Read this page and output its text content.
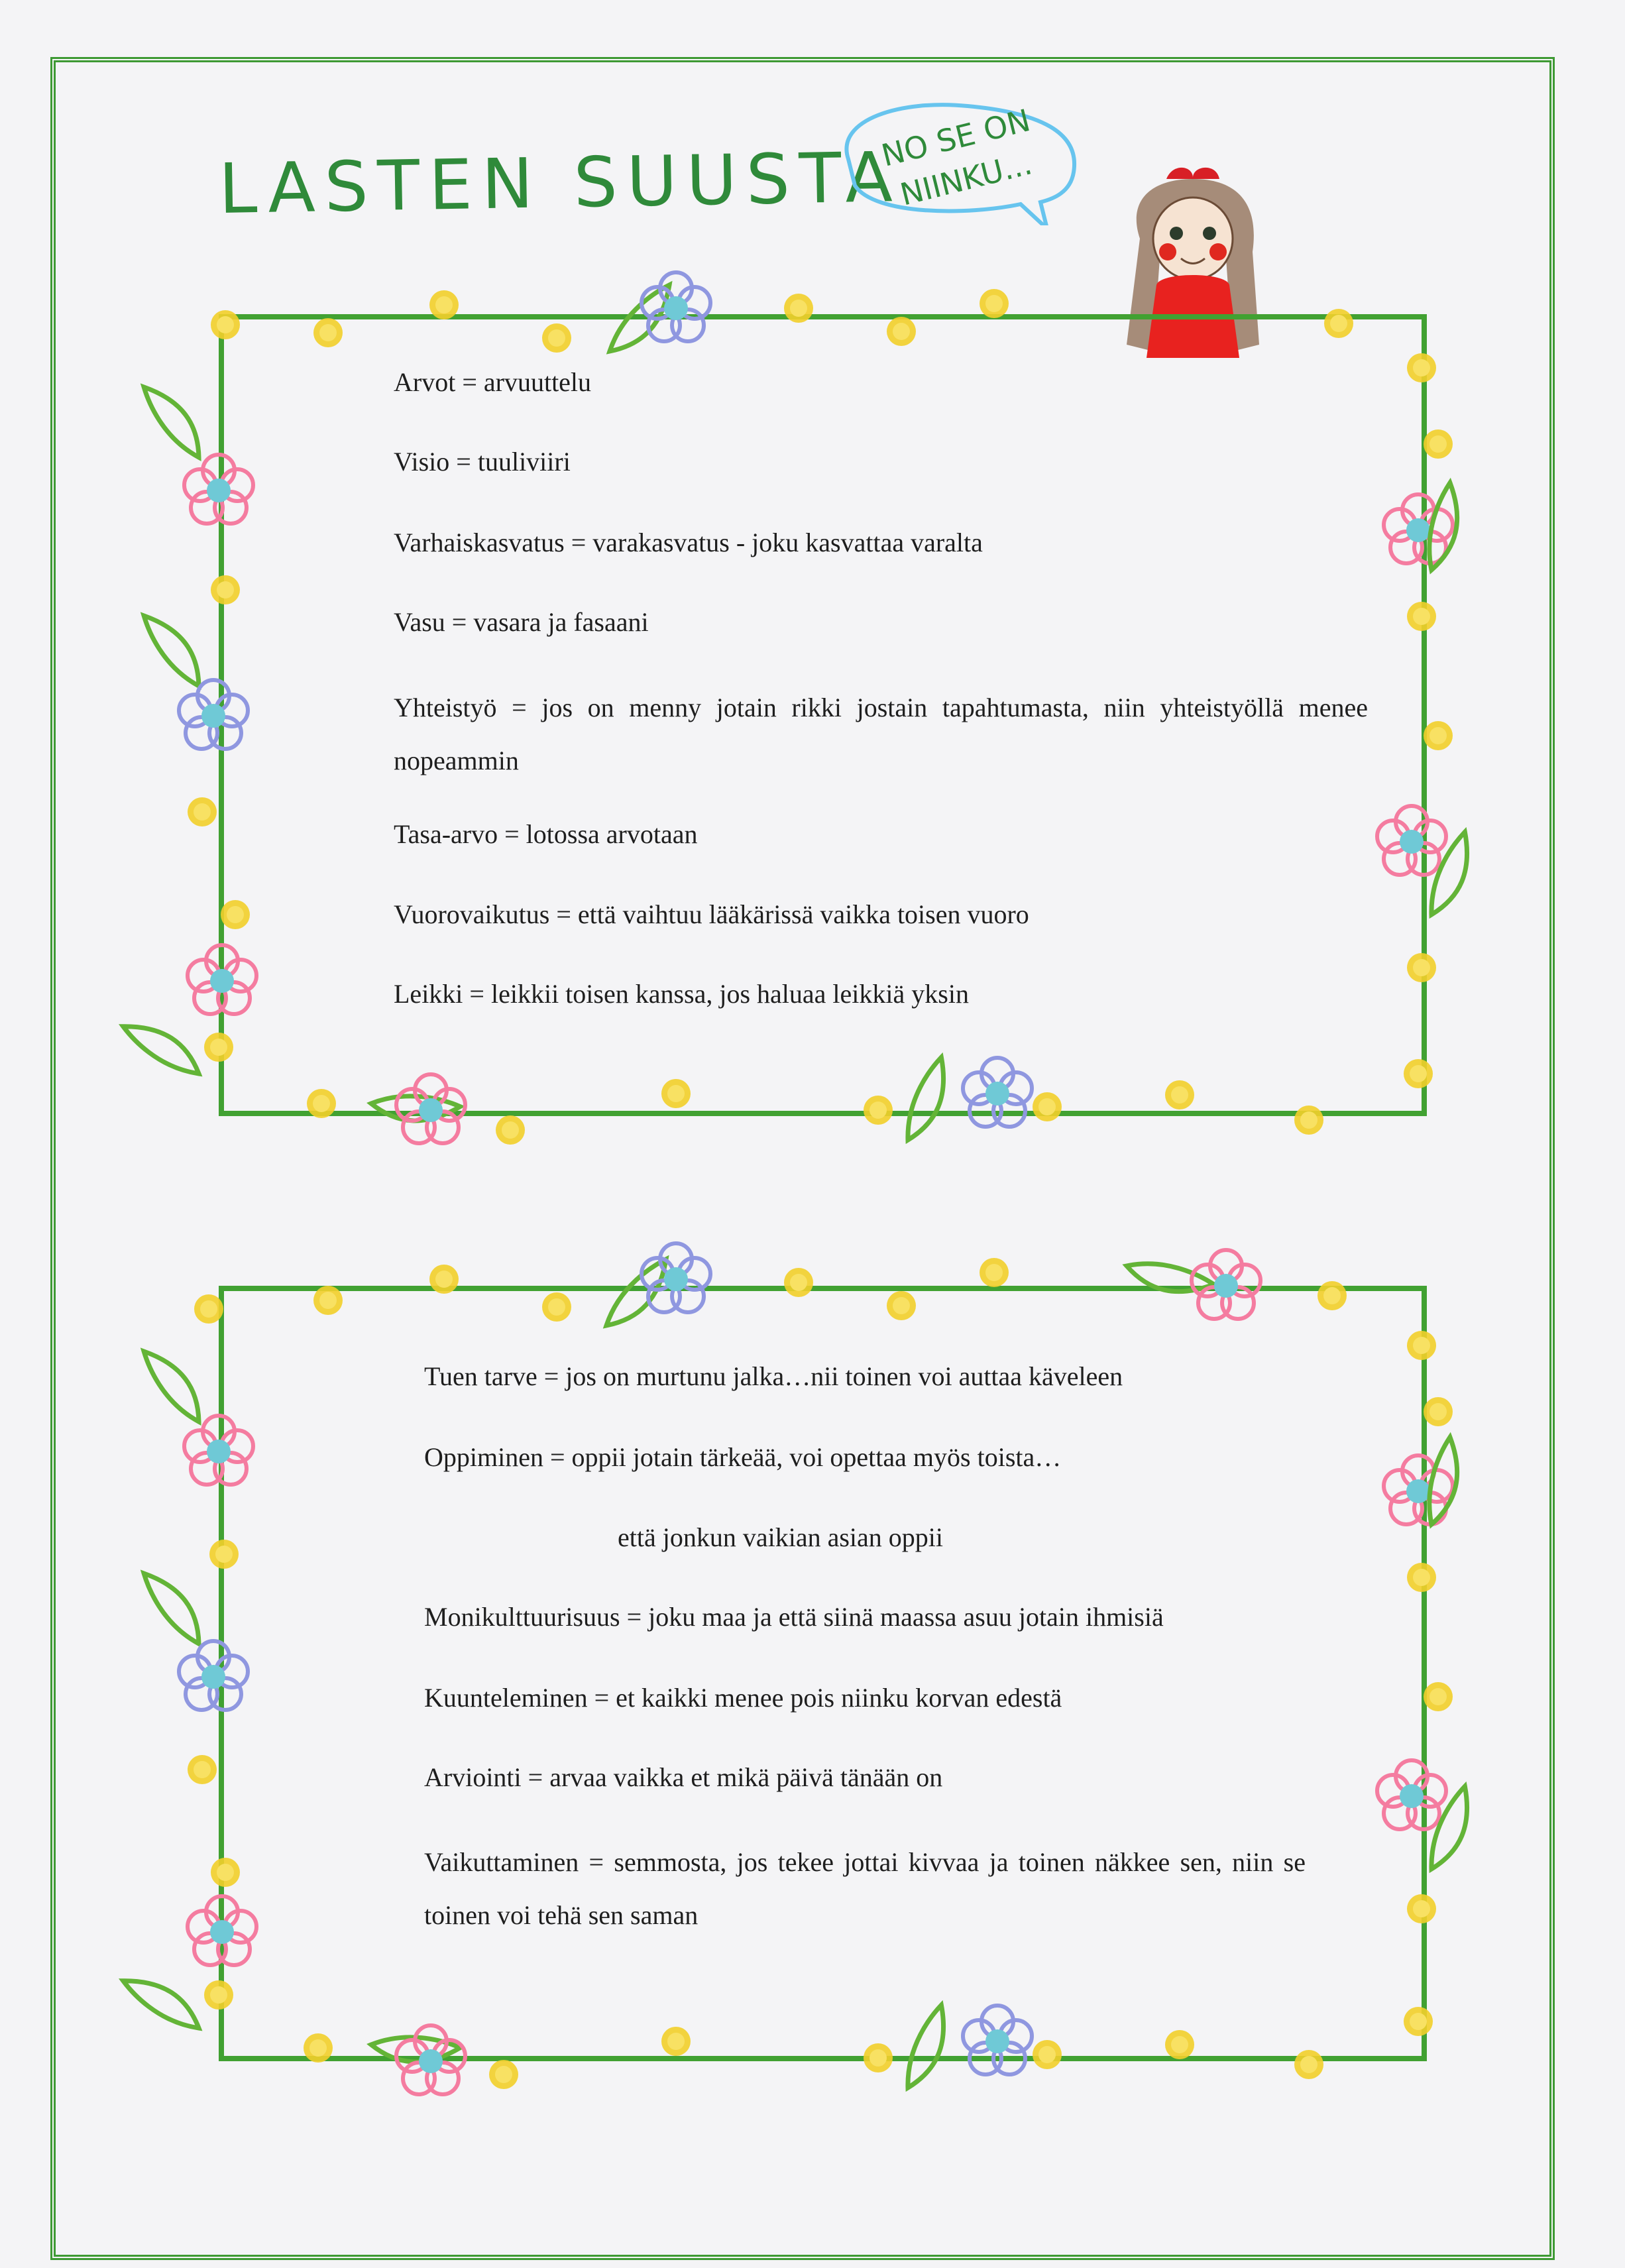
LASTEN SUUSTA
NO SE ON NIINKU...
Arvot = arvuuttelu
Visio = tuuliviiri
Varhaiskasvatus = varakasvatus - joku kasvattaa varalta
Vasu = vasara ja fasaani
Yhteistyö = jos on menny jotain rikki jostain tapahtumasta, niin yhteistyöllä menee nopeammin
Tasa-arvo = lotossa arvotaan
Vuorovaikutus = että vaihtuu lääkärissä vaikka toisen vuoro
Leikki = leikkii toisen kanssa, jos haluaa leikkiä yksin
Tuen tarve = jos on murtunu jalka…nii toinen voi auttaa käveleen
Oppiminen = oppii jotain tärkeää, voi opettaa myös toista…
että jonkun vaikian asian oppii
Monikulttuurisuus = joku maa ja että siinä maassa asuu jotain ihmisiä
Kuunteleminen = et kaikki menee pois niinku korvan edestä
Arviointi = arvaa vaikka et mikä päivä tänään on
Vaikuttaminen = semmosta, jos tekee jottai kivvaa ja toinen näkkee sen, niin se toinen voi tehä sen saman
